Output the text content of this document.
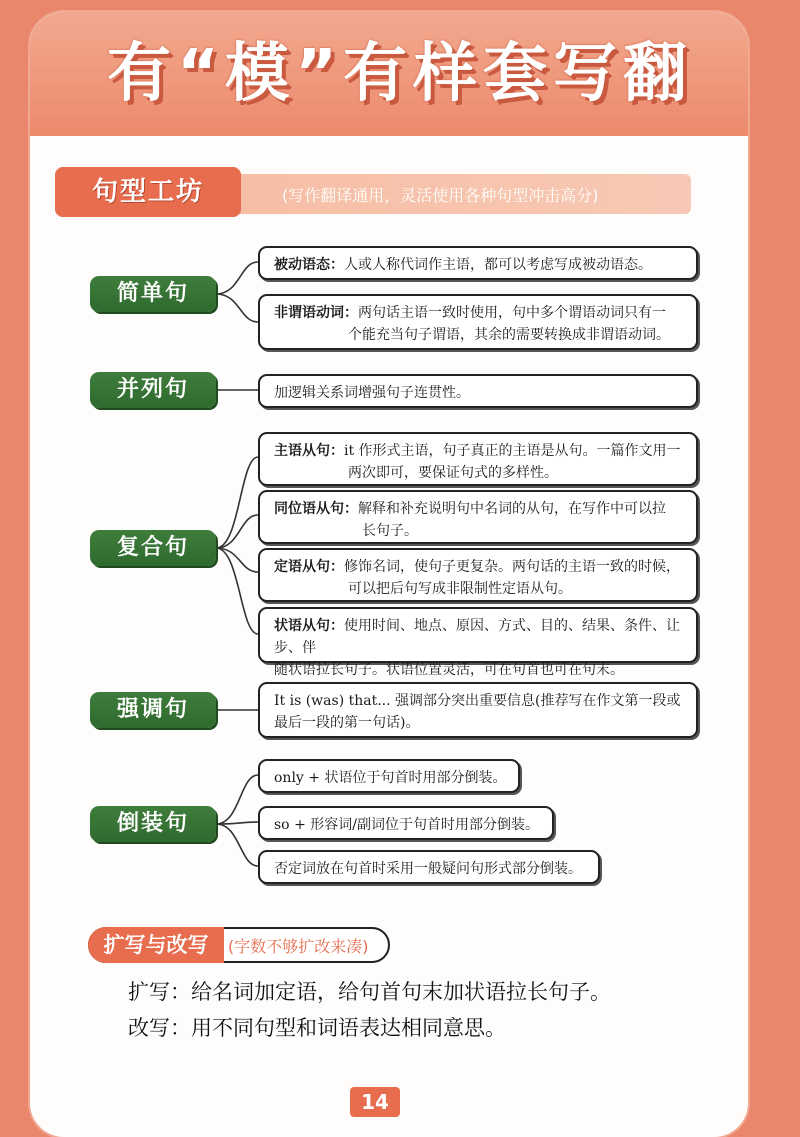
有“模”有样套写翻
句型工坊	(写作翻译通用，灵活使用各种句型冲击高分)
简单句
被动语态：人或人称代词作主语，都可以考虑写成被动语态。
非谓语动词：两句话主语一致时使用，句中多个谓语动词只有一
个能充当句子谓语，其余的需要转换成非谓语动词。
并列句	加逻辑关系词增强句子连贯性。
复合句
主语从句：it 作形式主语，句子真正的主语是从句。一篇作文用一
两次即可，要保证句式的多样性。
同位语从句：解释和补充说明句中名词的从句，在写作中可以拉
长句子。
定语从句：修饰名词，使句子更复杂。两句话的主语一致的时候，
可以把后句写成非限制性定语从句。
状语从句：使用时间、地点、原因、方式、目的、结果、条件、让步、伴
随状语拉长句子。状语位置灵活，可在句首也可在句末。
强调句	It is (was) that... 强调部分突出重要信息(推荐写在作文第一段或
最后一段的第一句话)。
倒装句
only + 状语位于句首时用部分倒装。
so + 形容词/副词位于句首时用部分倒装。
否定词放在句首时采用一般疑问句形式部分倒装。
扩写与改写	(字数不够扩改来凑)
扩写：给名词加定语，给句首句末加状语拉长句子。
改写：用不同句型和词语表达相同意思。
14
